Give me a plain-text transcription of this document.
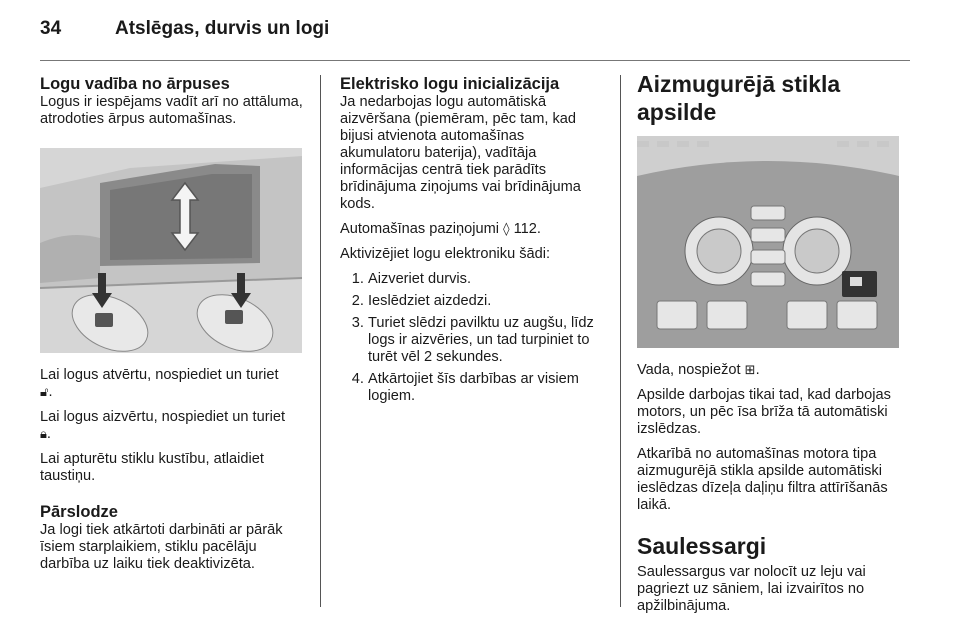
34	Atslēgas, durvis un logi
Logu vadība no ārpuses

Logus ir iespējams vadīt arī no attāluma, atrodoties ārpus automašīnas.

Lai logus atvērtu, nospiediet un turiet
🔓︎.

Lai logus aizvērtu, nospiediet un turiet
🔒︎.

Lai apturētu stiklu kustību, atlaidiet taustiņu.

Pārslodze

Ja logi tiek atkārtoti darbināti ar pārāk īsiem starplaikiem, stiklu pacēlāju darbība uz laiku tiek deaktivizēta.

Elektrisko logu inicializācija

Ja nedarbojas logu automātiskā aizvēršana (piemēram, pēc tam, kad bijusi atvienota automašīnas akumulatoru baterija), vadītāja informācijas centrā tiek parādīts brīdinājuma ziņojums vai brīdinājuma kods.

Automašīnas paziņojumi ◊ 112.

Aktivizējiet logu elektroniku šādi:

1. Aizveriet durvis.
2. Ieslēdziet aizdedzi.
3. Turiet slēdzi pavilktu uz augšu, līdz logs ir aizvēries, un tad turpiniet to turēt vēl 2 sekundes.
4. Atkārtojiet šīs darbības ar visiem logiem.
Aizmugurējā stikla apsilde

Vada, nospiežot ⊞.

Apsilde darbojas tikai tad, kad darbojas motors, un pēc īsa brīža tā automātiski izslēdzas.

Atkarībā no automašīnas motora tipa aizmugurējā stikla apsilde automātiski ieslēdzas dīzeļa daļiņu filtra attīrīšanās laikā.

Saulessargi

Saulessargus var nolocīt uz leju vai pagriezt uz sāniem, lai izvairītos no apžilbinājuma.
